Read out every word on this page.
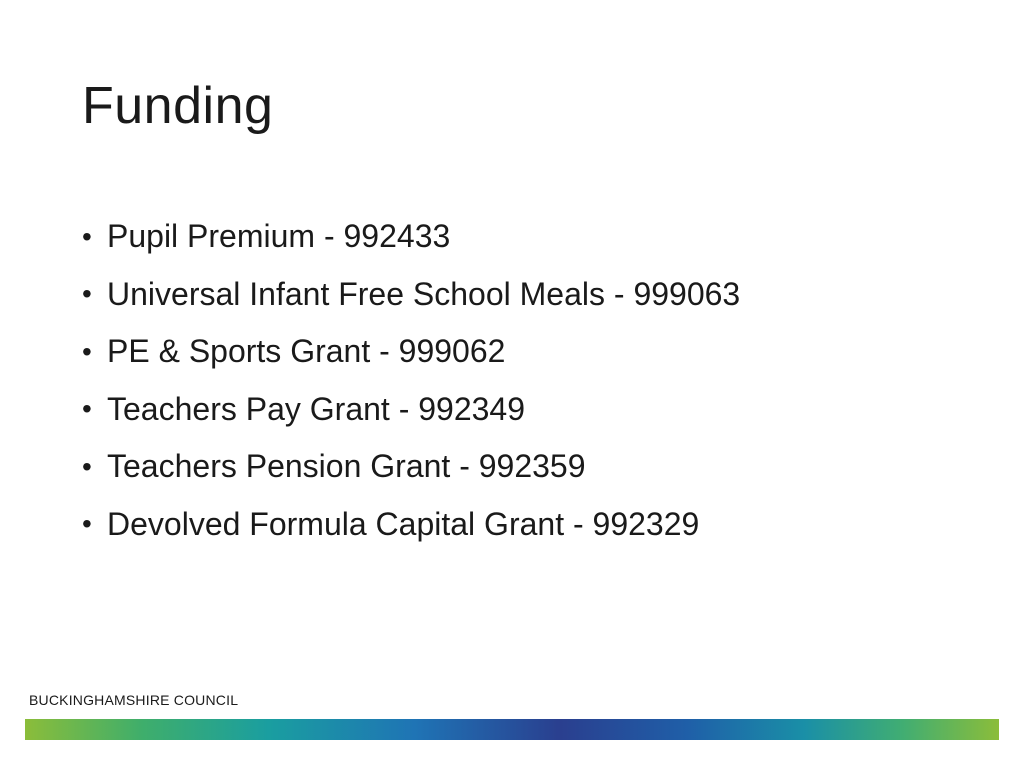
Funding
• Pupil Premium - 992433
• Universal Infant Free School Meals - 999063
• PE & Sports Grant - 999062
• Teachers Pay Grant - 992349
• Teachers Pension Grant - 992359
• Devolved Formula Capital Grant - 992329
BUCKINGHAMSHIRE COUNCIL
